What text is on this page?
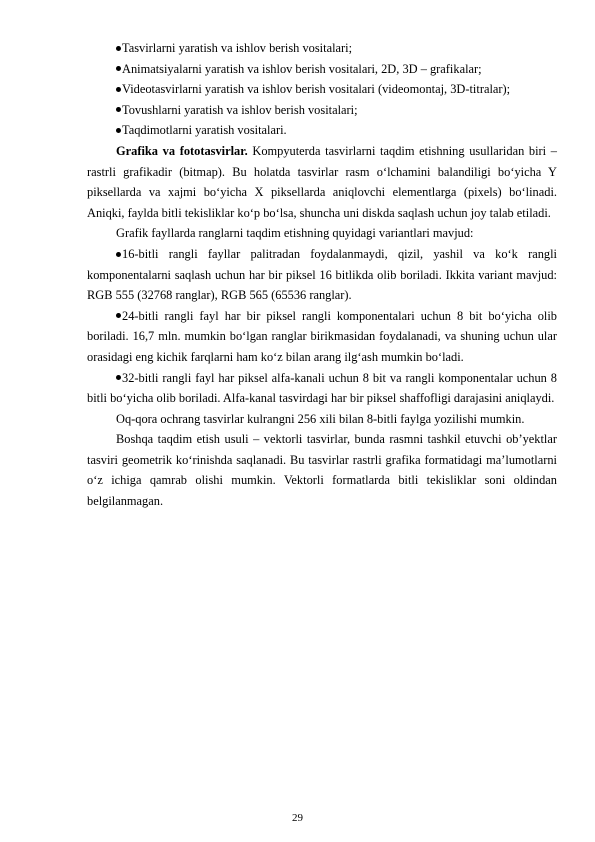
Tasvirlarni yaratish va ishlov berish vositalari;

Animatsiyalarni yaratish va ishlov berish vositalari, 2D, 3D – grafikalar;

Videotasvirlarni yaratish va ishlov berish vositalari (videomontaj, 3D-titralar);

Tovushlarni yaratish va ishlov berish vositalari;

Taqdimotlarni yaratish vositalari.

Grafika va fototasvirlar. Kompyuterda tasvirlarni taqdim etishning usullaridan biri – rastrli grafikadir (bitmap). Bu holatda tasvirlar rasm o‘lchamini balandiligi bo‘yicha Y piksellarda va xajmi bo‘yicha X piksellarda aniqlovchi elementlarga (pixels) bo‘linadi. Aniqki, faylda bitli tekisliklar ko‘p bo‘lsa, shuncha uni diskda saqlash uchun joy talab etiladi.

Grafik fayllarda ranglarni taqdim etishning quyidagi variantlari mavjud:

16-bitli rangli fayllar palitradan foydalanmaydi, qizil, yashil va ko‘k rangli komponentalarni saqlash uchun har bir piksel 16 bitlikda olib boriladi. Ikkita variant mavjud: RGB 555 (32768 ranglar), RGB 565 (65536 ranglar).

24-bitli rangli fayl har bir piksel rangli komponentalari uchun 8 bit bo‘yicha olib boriladi. 16,7 mln. mumkin bo‘lgan ranglar birikmasidan foydalanadi, va shuning uchun ular orasidagi eng kichik farqlarni ham ko‘z bilan arang ilg‘ash mumkin bo‘ladi.

32-bitli rangli fayl har piksel alfa-kanali uchun 8 bit va rangli komponentalar uchun 8 bitli bo‘yicha olib boriladi. Alfa-kanal tasvirdagi har bir piksel shaffofligi darajasini aniqlaydi.

Oq-qora ochrang tasvirlar kulrangni 256 xili bilan 8-bitli faylga yozilishi mumkin.

Boshqa taqdim etish usuli – vektorli tasvirlar, bunda rasmni tashkil etuvchi ob’yektlar tasviri geometrik ko‘rinishda saqlanadi. Bu tasvirlar rastrli grafika formatidagi ma’lumotlarni o‘z ichiga qamrab olishi mumkin. Vektorli formatlarda bitli tekisliklar soni oldindan belgilanmagan.

29
